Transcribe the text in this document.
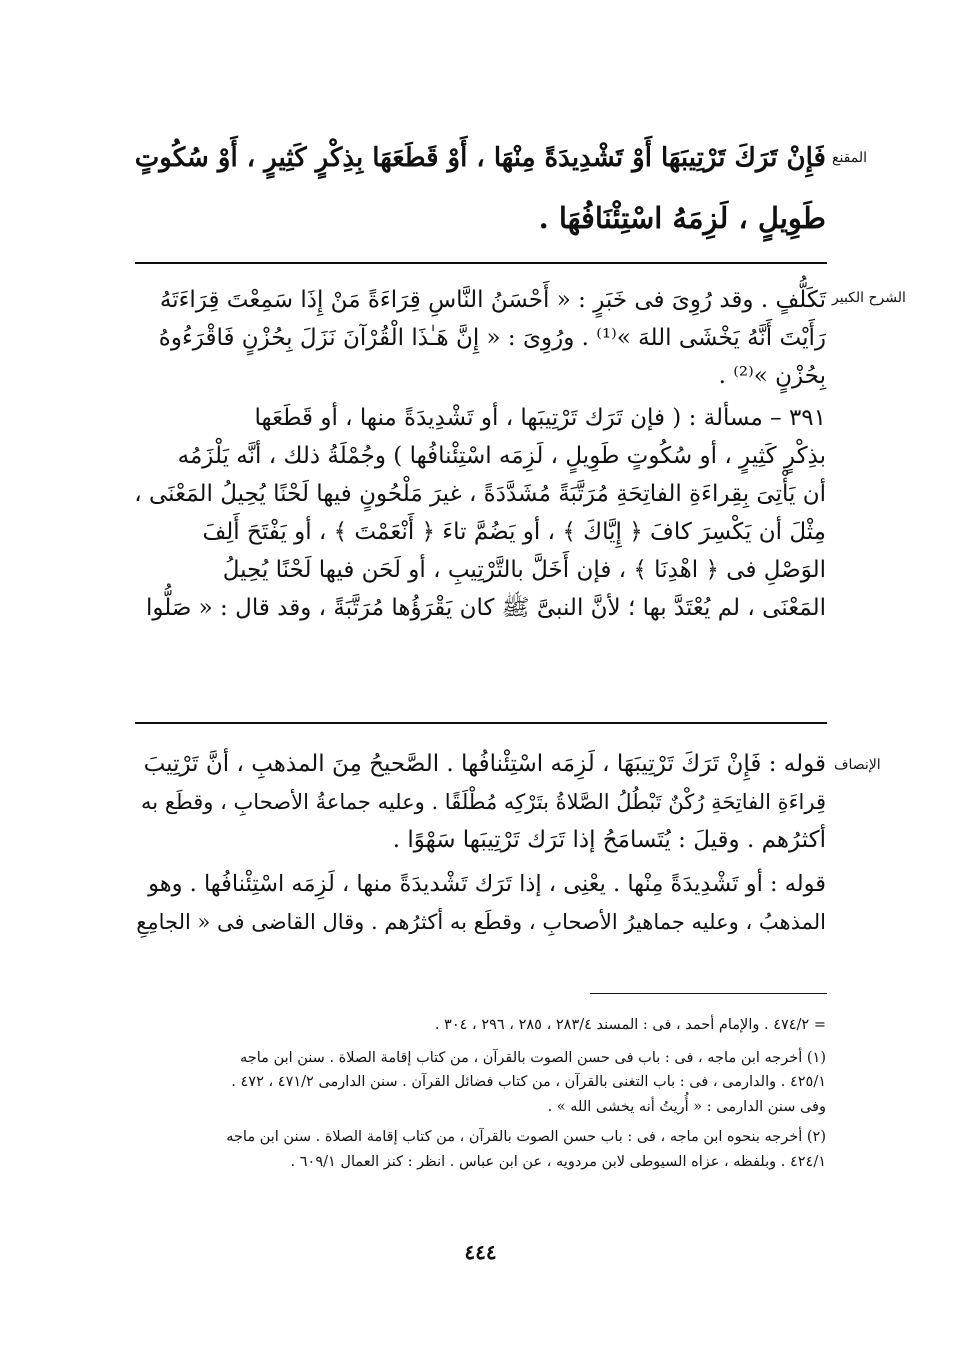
المقنع
الشرح الكبير
الإنصاف
فَإِنْ تَرَكَ تَرْتِيبَهَا أَوْ تَشْدِيدَةً مِنْهَا ، أَوْ قَطَعَهَا بِذِكْرٍ كَثِيرٍ ، أَوْ سُكُوتٍ
طَوِيلٍ ، لَزِمَهُ اسْتِئْنَافُهَا .
تَكَلُّفٍ . وقد رُوِىَ فى خَبَرٍ : « أَحْسَنُ النَّاسِ قِرَاءَةً مَنْ إِذَا سَمِعْتَ قِرَاءَتَهُ
رَأَيْتَ أَنَّهُ يَخْشَى اللهَ »⁽¹⁾ . ورُوِىَ : « إِنَّ هَـٰذَا الْقُرْآنَ نَزَلَ بِحُزْنٍ فَاقْرَءُوهُ
بِحُزْنٍ »⁽²⁾ .
٣٩١ – مسألة : ( فإن تَرَك تَرْتِيبَها ، أو تَشْدِيدَةً منها ، أو قَطَعَها
بذِكْرٍ كَثِيرٍ ، أو سُكُوتٍ طَوِيلٍ ، لَزِمَه اسْتِئْنافُها ) وجُمْلَةُ ذلك ، أنَّه يَلْزَمُه
أن يَأْتِىَ بِقِراءَةِ الفاتِحَةِ مُرَتَّبَةً مُشَدَّدَةً ، غيرَ مَلْحُونٍ فيها لَحْنًا يُحِيلُ المَعْنَى ،
مِثْلَ أن يَكْسِرَ كافَ ﴿ إِيَّاكَ ﴾ ، أو يَضُمَّ تاءَ ﴿ أَنْعَمْتَ ﴾ ، أو يَفْتَحَ أَلِفَ
الوَصْلِ فى ﴿ اهْدِنَا ﴾ ، فإن أَخَلَّ بالتَّرْتِيبِ ، أو لَحَن فيها لَحْنًا يُحِيلُ
المَعْنَى ، لم يُعْتَدَّ بها ؛ لأنَّ النبىَّ ﷺ كان يَقْرَؤُها مُرَتَّبَةً ، وقد قال : « صَلُّوا
قوله : فَإِنْ تَرَكَ تَرْتِيبَهَا ، لَزِمَه اسْتِئْنافُها . الصَّحيحُ مِنَ المذهبِ ، أنَّ تَرْتِيبَ
قِراءَةِ الفاتِحَةِ رُكْنٌ تَبْطُلُ الصَّلاةُ بتَرْكِه مُطْلَقًا . وعليه جماعةُ الأصحابِ ، وقطَع به
أكثرُهم . وقيلَ : يُتَسامَحُ إذا تَرَك تَرْتِيبَها سَهْوًا .
قوله : أو تَشْدِيدَةً مِنْها . يعْنِى ، إذا تَرَك تَشْديدَةً منها ، لَزِمَه اسْتِئْنافُها . وهو
المذهبُ ، وعليه جماهيرُ الأصحابِ ، وقطَع به أكثرُهم . وقال القاضى فى « الجامِعِ
= ٤٧٤/٢ . والإمام أحمد ، فى : المسند ٢٨٣/٤ ، ٢٨٥ ، ٢٩٦ ، ٣٠٤ .
(١) أخرجه ابن ماجه ، فى : باب فى حسن الصوت بالقرآن ، من كتاب إقامة الصلاة . سنن ابن ماجه
٤٢٥/١ . والدارمى ، فى : باب التغنى بالقرآن ، من كتاب فضائل القرآن . سنن الدارمى ٤٧١/٢ ، ٤٧٢ .
وفى سنن الدارمى : « أُريتُ أنه يخشى الله » .
(٢) أخرجه بنحوه ابن ماجه ، فى : باب حسن الصوت بالقرآن ، من كتاب إقامة الصلاة . سنن ابن ماجه
٤٢٤/١ . وبلفظه ، عزاه السيوطى لابن مردويه ، عن ابن عباس . انظر : كنز العمال ٦٠٩/١ .
٤٤٤
